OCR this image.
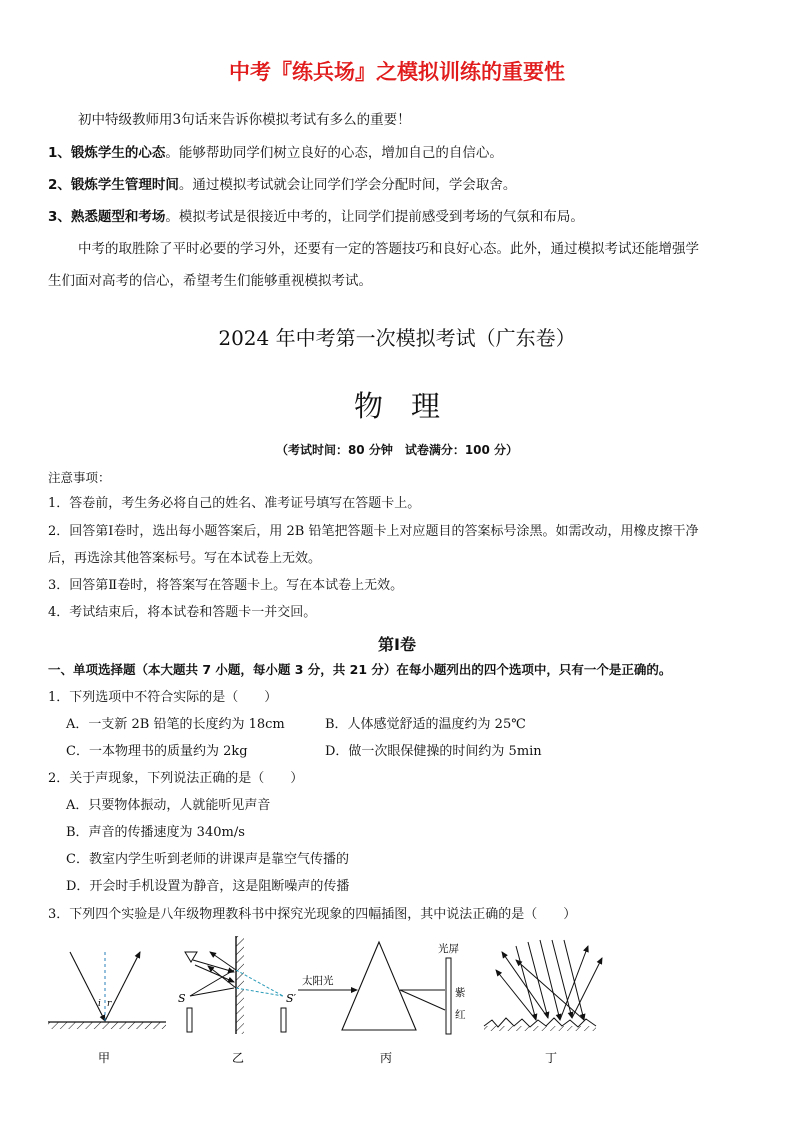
中考『练兵场』之模拟训练的重要性
初中特级教师用3句话来告诉你模拟考试有多么的重要！
1、锻炼学生的心态。能够帮助同学们树立良好的心态，增加自己的自信心。
2、锻炼学生管理时间。通过模拟考试就会让同学们学会分配时间，学会取舍。
3、熟悉题型和考场。模拟考试是很接近中考的，让同学们提前感受到考场的气氛和布局。
中考的取胜除了平时必要的学习外，还要有一定的答题技巧和良好心态。此外，通过模拟考试还能增强学
生们面对高考的信心，希望考生们能够重视模拟考试。
2024 年中考第一次模拟考试（广东卷）
物理
（考试时间：80 分钟　试卷满分：100 分）
注意事项：
1．答卷前，考生务必将自己的姓名、准考证号填写在答题卡上。
2．回答第Ⅰ卷时，选出每小题答案后，用 2B 铅笔把答题卡上对应题目的答案标号涂黑。如需改动，用橡皮擦干净
后，再选涂其他答案标号。写在本试卷上无效。
3．回答第Ⅱ卷时，将答案写在答题卡上。写在本试卷上无效。
4．考试结束后，将本试卷和答题卡一并交回。
第Ⅰ卷
一、单项选择题（本大题共 7 小题，每小题 3 分，共 21 分）在每小题列出的四个选项中，只有一个是正确的。
1．下列选项中不符合实际的是（　　）
A．一支新 2B 铅笔的长度约为 18cm	B．人体感觉舒适的温度约为 25℃
C．一本物理书的质量约为 2kg	D．做一次眼保健操的时间约为 5min
2．关于声现象，下列说法正确的是（　　）
A．只要物体振动，人就能听见声音
B．声音的传播速度为 340m/s
C．教室内学生听到老师的讲课声是靠空气传播的
D．开会时手机设置为静音，这是阻断噪声的传播
3．下列四个实验是八年级物理教科书中探究光现象的四幅插图，其中说法正确的是（　　）
i r
甲
S	S′
乙
太阳光
光屏
紫
红
丙	丁
